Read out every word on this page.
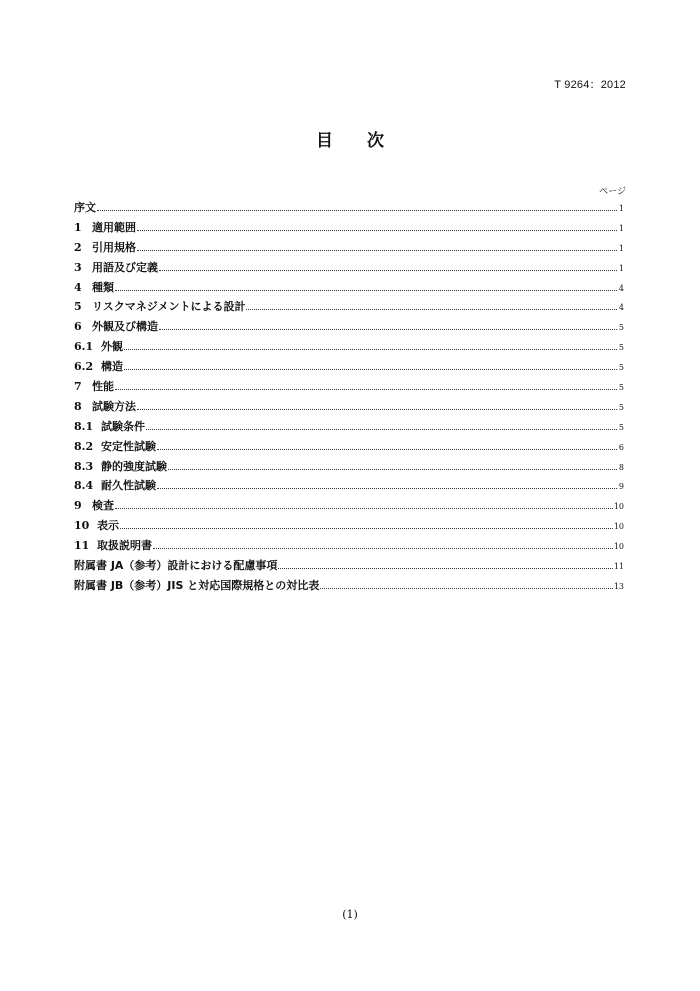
T 9264：2012
目 次
ページ
序文	1
1 適用範囲	1
2 引用規格	1
3 用語及び定義	1
4 種類	4
5 リスクマネジメントによる設計	4
6 外観及び構造	5
6.1 外観	5
6.2 構造	5
7 性能	5
8 試験方法	5
8.1 試験条件	5
8.2 安定性試験	6
8.3 静的強度試験	8
8.4 耐久性試験	9
9 検査	10
10 表示	10
11 取扱説明書	10
附属書 JA（参考）設計における配慮事項	11
附属書 JB（参考）JIS と対応国際規格との対比表	13
(1)
